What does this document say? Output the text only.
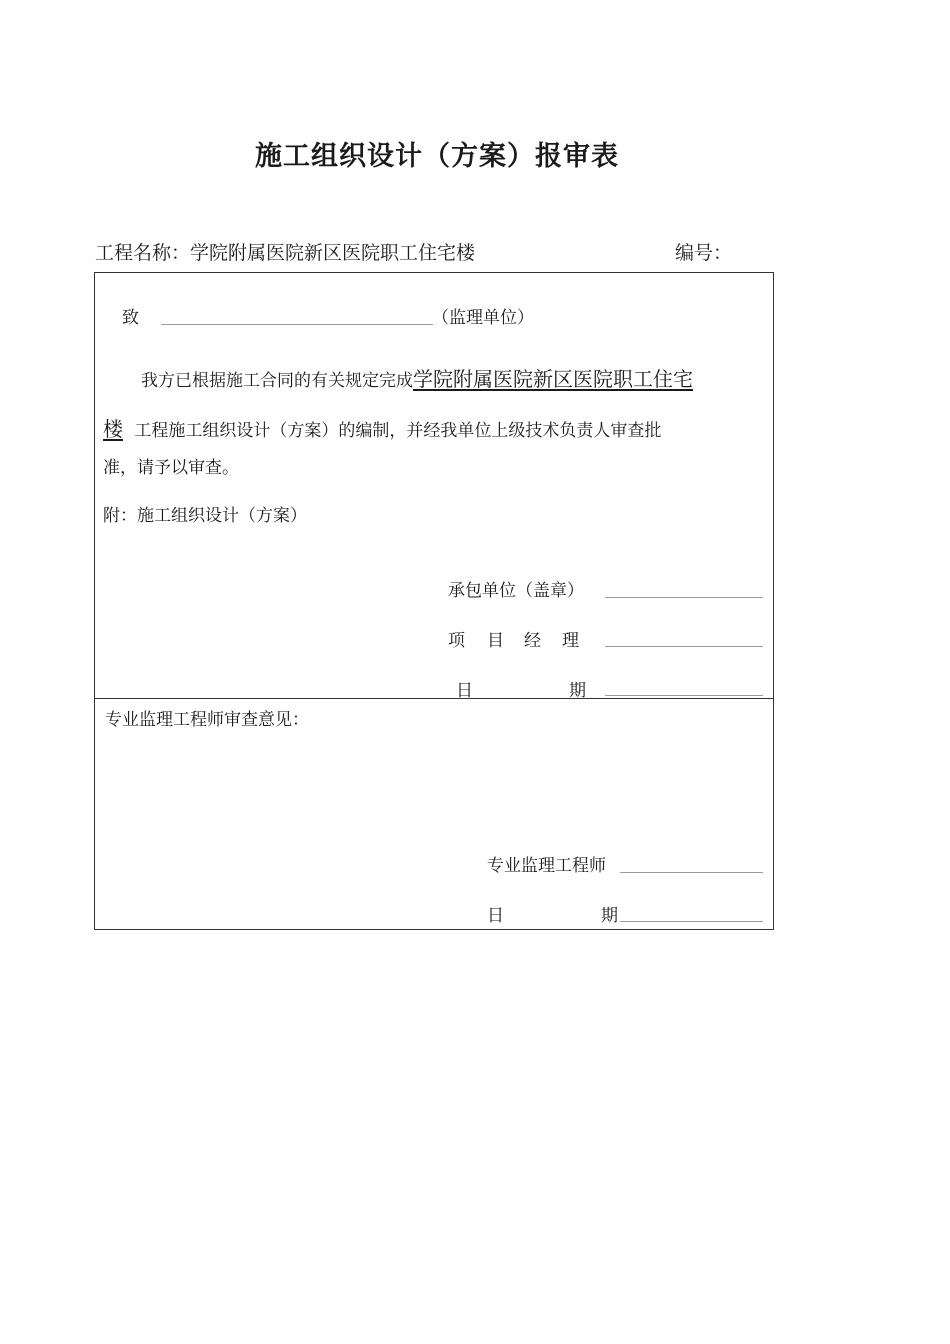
施工组织设计（方案）报审表
工程名称：学院附属医院新区医院职工住宅楼	编号：
致	（监理单位）
我方已根据施工合同的有关规定完成学院附属医院新区医院职工住宅
楼 工程施工组织设计（方案）的编制，并经我单位上级技术负责人审查批
准，请予以审查。
附：施工组织设计（方案）
承包单位（盖章）
项 目 经 理
日	期
专业监理工程师审查意见：
专业监理工程师
日	期
